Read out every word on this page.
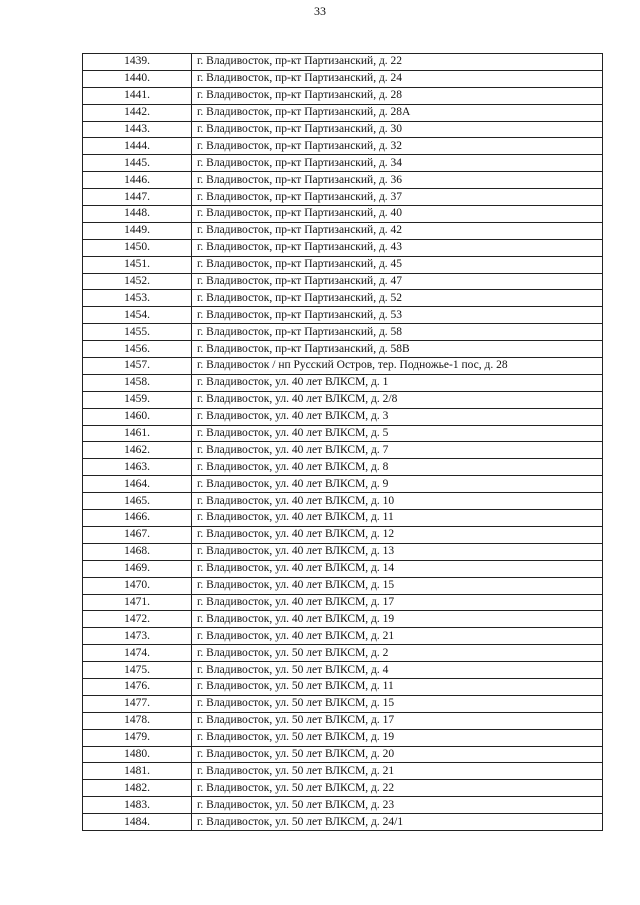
33
1439.	г. Владивосток, пр-кт Партизанский, д. 22
1440.	г. Владивосток, пр-кт Партизанский, д. 24
1441.	г. Владивосток, пр-кт Партизанский, д. 28
1442.	г. Владивосток, пр-кт Партизанский, д. 28А
1443.	г. Владивосток, пр-кт Партизанский, д. 30
1444.	г. Владивосток, пр-кт Партизанский, д. 32
1445.	г. Владивосток, пр-кт Партизанский, д. 34
1446.	г. Владивосток, пр-кт Партизанский, д. 36
1447.	г. Владивосток, пр-кт Партизанский, д. 37
1448.	г. Владивосток, пр-кт Партизанский, д. 40
1449.	г. Владивосток, пр-кт Партизанский, д. 42
1450.	г. Владивосток, пр-кт Партизанский, д. 43
1451.	г. Владивосток, пр-кт Партизанский, д. 45
1452.	г. Владивосток, пр-кт Партизанский, д. 47
1453.	г. Владивосток, пр-кт Партизанский, д. 52
1454.	г. Владивосток, пр-кт Партизанский, д. 53
1455.	г. Владивосток, пр-кт Партизанский, д. 58
1456.	г. Владивосток, пр-кт Партизанский, д. 58В
1457.	г. Владивосток / нп Русский Остров, тер. Подножье-1 пос, д. 28
1458.	г. Владивосток, ул. 40 лет ВЛКСМ, д. 1
1459.	г. Владивосток, ул. 40 лет ВЛКСМ, д. 2/8
1460.	г. Владивосток, ул. 40 лет ВЛКСМ, д. 3
1461.	г. Владивосток, ул. 40 лет ВЛКСМ, д. 5
1462.	г. Владивосток, ул. 40 лет ВЛКСМ, д. 7
1463.	г. Владивосток, ул. 40 лет ВЛКСМ, д. 8
1464.	г. Владивосток, ул. 40 лет ВЛКСМ, д. 9
1465.	г. Владивосток, ул. 40 лет ВЛКСМ, д. 10
1466.	г. Владивосток, ул. 40 лет ВЛКСМ, д. 11
1467.	г. Владивосток, ул. 40 лет ВЛКСМ, д. 12
1468.	г. Владивосток, ул. 40 лет ВЛКСМ, д. 13
1469.	г. Владивосток, ул. 40 лет ВЛКСМ, д. 14
1470.	г. Владивосток, ул. 40 лет ВЛКСМ, д. 15
1471.	г. Владивосток, ул. 40 лет ВЛКСМ, д. 17
1472.	г. Владивосток, ул. 40 лет ВЛКСМ, д. 19
1473.	г. Владивосток, ул. 40 лет ВЛКСМ, д. 21
1474.	г. Владивосток, ул. 50 лет ВЛКСМ, д. 2
1475.	г. Владивосток, ул. 50 лет ВЛКСМ, д. 4
1476.	г. Владивосток, ул. 50 лет ВЛКСМ, д. 11
1477.	г. Владивосток, ул. 50 лет ВЛКСМ, д. 15
1478.	г. Владивосток, ул. 50 лет ВЛКСМ, д. 17
1479.	г. Владивосток, ул. 50 лет ВЛКСМ, д. 19
1480.	г. Владивосток, ул. 50 лет ВЛКСМ, д. 20
1481.	г. Владивосток, ул. 50 лет ВЛКСМ, д. 21
1482.	г. Владивосток, ул. 50 лет ВЛКСМ, д. 22
1483.	г. Владивосток, ул. 50 лет ВЛКСМ, д. 23
1484.	г. Владивосток, ул. 50 лет ВЛКСМ, д. 24/1
